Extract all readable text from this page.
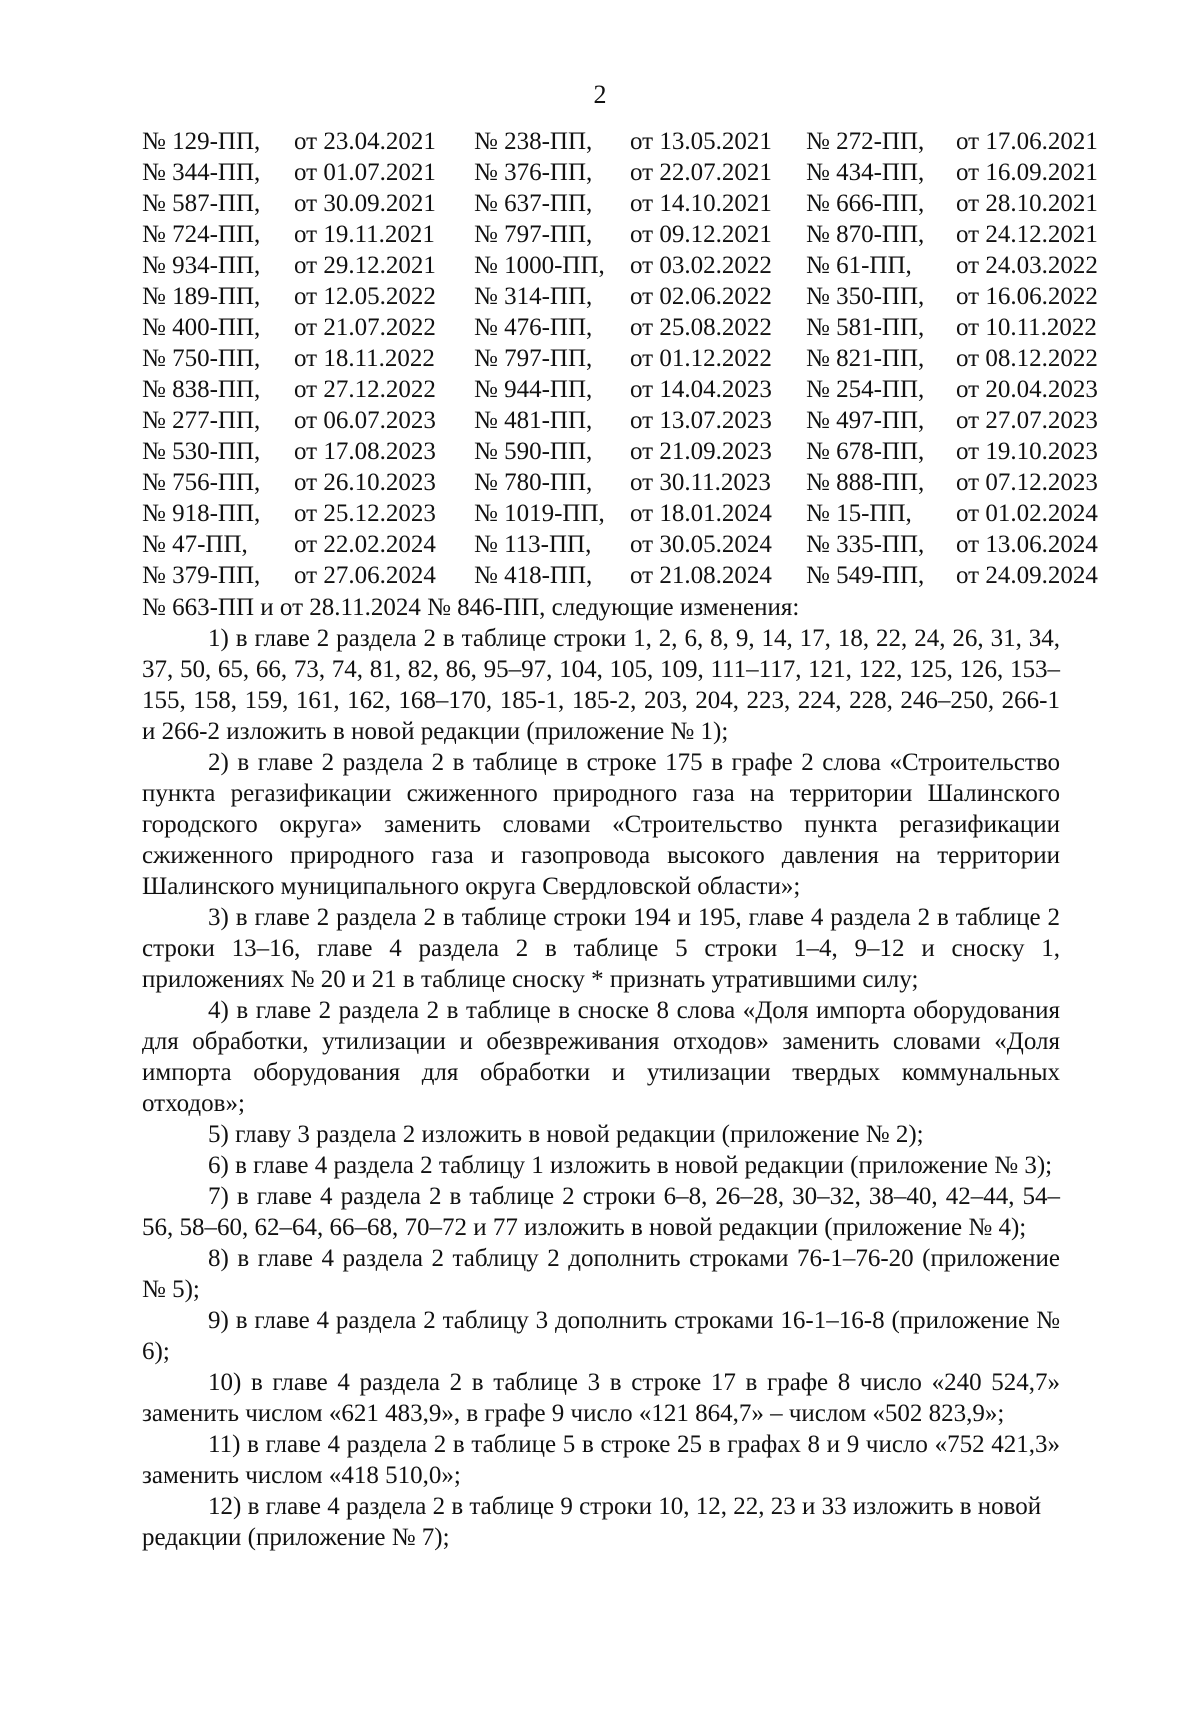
2
№ 129-ПП,	от 23.04.2021	№ 238-ПП,	от 13.05.2021	№ 272-ПП,	от 17.06.2021
№ 344-ПП,	от 01.07.2021	№ 376-ПП,	от 22.07.2021	№ 434-ПП,	от 16.09.2021
№ 587-ПП,	от 30.09.2021	№ 637-ПП,	от 14.10.2021	№ 666-ПП,	от 28.10.2021
№ 724-ПП,	от 19.11.2021	№ 797-ПП,	от 09.12.2021	№ 870-ПП,	от 24.12.2021
№ 934-ПП,	от 29.12.2021	№ 1000-ПП,	от 03.02.2022	№ 61-ПП,	от 24.03.2022
№ 189-ПП,	от 12.05.2022	№ 314-ПП,	от 02.06.2022	№ 350-ПП,	от 16.06.2022
№ 400-ПП,	от 21.07.2022	№ 476-ПП,	от 25.08.2022	№ 581-ПП,	от 10.11.2022
№ 750-ПП,	от 18.11.2022	№ 797-ПП,	от 01.12.2022	№ 821-ПП,	от 08.12.2022
№ 838-ПП,	от 27.12.2022	№ 944-ПП,	от 14.04.2023	№ 254-ПП,	от 20.04.2023
№ 277-ПП,	от 06.07.2023	№ 481-ПП,	от 13.07.2023	№ 497-ПП,	от 27.07.2023
№ 530-ПП,	от 17.08.2023	№ 590-ПП,	от 21.09.2023	№ 678-ПП,	от 19.10.2023
№ 756-ПП,	от 26.10.2023	№ 780-ПП,	от 30.11.2023	№ 888-ПП,	от 07.12.2023
№ 918-ПП,	от 25.12.2023	№ 1019-ПП,	от 18.01.2024	№ 15-ПП,	от 01.02.2024
№ 47-ПП,	от 22.02.2024	№ 113-ПП,	от 30.05.2024	№ 335-ПП,	от 13.06.2024
№ 379-ПП,	от 27.06.2024	№ 418-ПП,	от 21.08.2024	№ 549-ПП,	от 24.09.2024

№ 663-ПП и от 28.11.2024 № 846-ПП, следующие изменения:

1) в главе 2 раздела 2 в таблице строки 1, 2, 6, 8, 9, 14, 17, 18, 22, 24, 26, 31, 34, 37, 50, 65, 66, 73, 74, 81, 82, 86, 95–97, 104, 105, 109, 111–117, 121, 122, 125, 126, 153–155, 158, 159, 161, 162, 168–170, 185-1, 185-2, 203, 204, 223, 224, 228, 246–250, 266-1 и 266-2 изложить в новой редакции (приложение № 1);

2) в главе 2 раздела 2 в таблице в строке 175 в графе 2 слова «Строительство пункта регазификации сжиженного природного газа на территории Шалинского городского округа» заменить словами «Строительство пункта регазификации сжиженного природного газа и газопровода высокого давления на территории Шалинского муниципального округа Свердловской области»;

3) в главе 2 раздела 2 в таблице строки 194 и 195, главе 4 раздела 2 в таблице 2 строки 13–16, главе 4 раздела 2 в таблице 5 строки 1–4, 9–12 и сноску 1, приложениях № 20 и 21 в таблице сноску * признать утратившими силу;

4) в главе 2 раздела 2 в таблице в сноске 8 слова «Доля импорта оборудования для обработки, утилизации и обезвреживания отходов» заменить словами «Доля импорта оборудования для обработки и утилизации твердых коммунальных отходов»;

5) главу 3 раздела 2 изложить в новой редакции (приложение № 2);

6) в главе 4 раздела 2 таблицу 1 изложить в новой редакции (приложение № 3);

7) в главе 4 раздела 2 в таблице 2 строки 6–8, 26–28, 30–32, 38–40, 42–44, 54–56, 58–60, 62–64, 66–68, 70–72 и 77 изложить в новой редакции (приложение № 4);

8) в главе 4 раздела 2 таблицу 2 дополнить строками 76-1–76-20 (приложение № 5);

9) в главе 4 раздела 2 таблицу 3 дополнить строками 16-1–16-8 (приложение № 6);

10) в главе 4 раздела 2 в таблице 3 в строке 17 в графе 8 число «240 524,7» заменить числом «621 483,9», в графе 9 число «121 864,7» – числом «502 823,9»;

11) в главе 4 раздела 2 в таблице 5 в строке 25 в графах 8 и 9 число «752 421,3» заменить числом «418 510,0»;

12) в главе 4 раздела 2 в таблице 9 строки 10, 12, 22, 23 и 33 изложить в новой редакции (приложение № 7);
